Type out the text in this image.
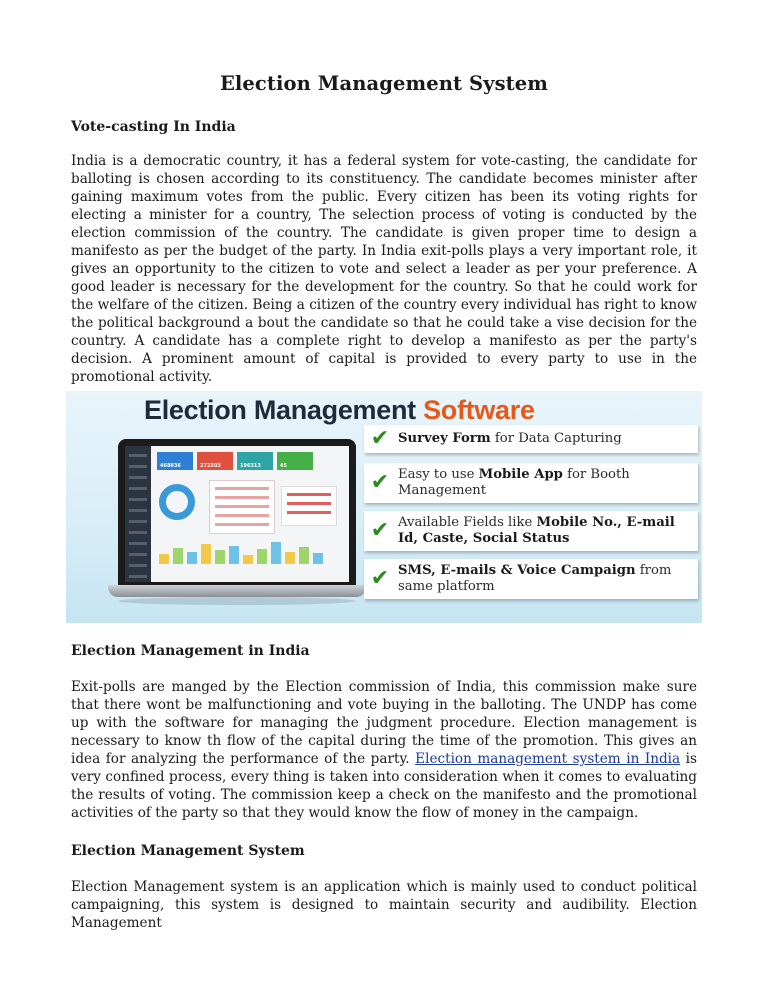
Election Management System
Vote-casting In India
India is a democratic country, it has a federal system for vote-casting, the candidate for balloting is chosen according to its constituency. The candidate becomes minister after gaining maximum votes from the public. Every citizen has been its voting rights for electing a minister for a country, The selection process of voting is conducted by the election commission of the country. The candidate is given proper time to design a manifesto as per the budget of the party. In India exit-polls plays a very important role, it gives an opportunity to the citizen to vote and select a leader as per your preference. A good leader is necessary for the development for the country. So that he could work for the welfare of the citizen. Being a citizen of the country every individual has right to know the political background a bout the candidate so that he could take a vise decision for the country. A candidate has a complete right to develop a manifesto as per the party's decision. A prominent amount of capital is provided to every party to use in the promotional activity.
Election Management Software
468836	272503	196313	45
✔ Survey Form for Data Capturing
✔ Easy to use Mobile App for Booth Management
✔ Available Fields like Mobile No., E-mail Id, Caste, Social Status
✔ SMS, E-mails & Voice Campaign from same platform
Election Management in India
Exit-polls are manged by the Election commission of India, this commission make sure that there wont be malfunctioning and vote buying in the balloting. The UNDP has come up with the software for managing the judgment procedure. Election management is necessary to know th flow of the capital during the time of the promotion. This gives an idea for analyzing the performance of the party. Election management system in India is very confined process, every thing is taken into consideration when it comes to evaluating the results of voting. The commission keep a check on the manifesto and the promotional activities of the party so that they would know the flow of money in the campaign.
Election Management System
Election Management system is an application which is mainly used to conduct political campaigning, this system is designed to maintain security and audibility. Election Management
